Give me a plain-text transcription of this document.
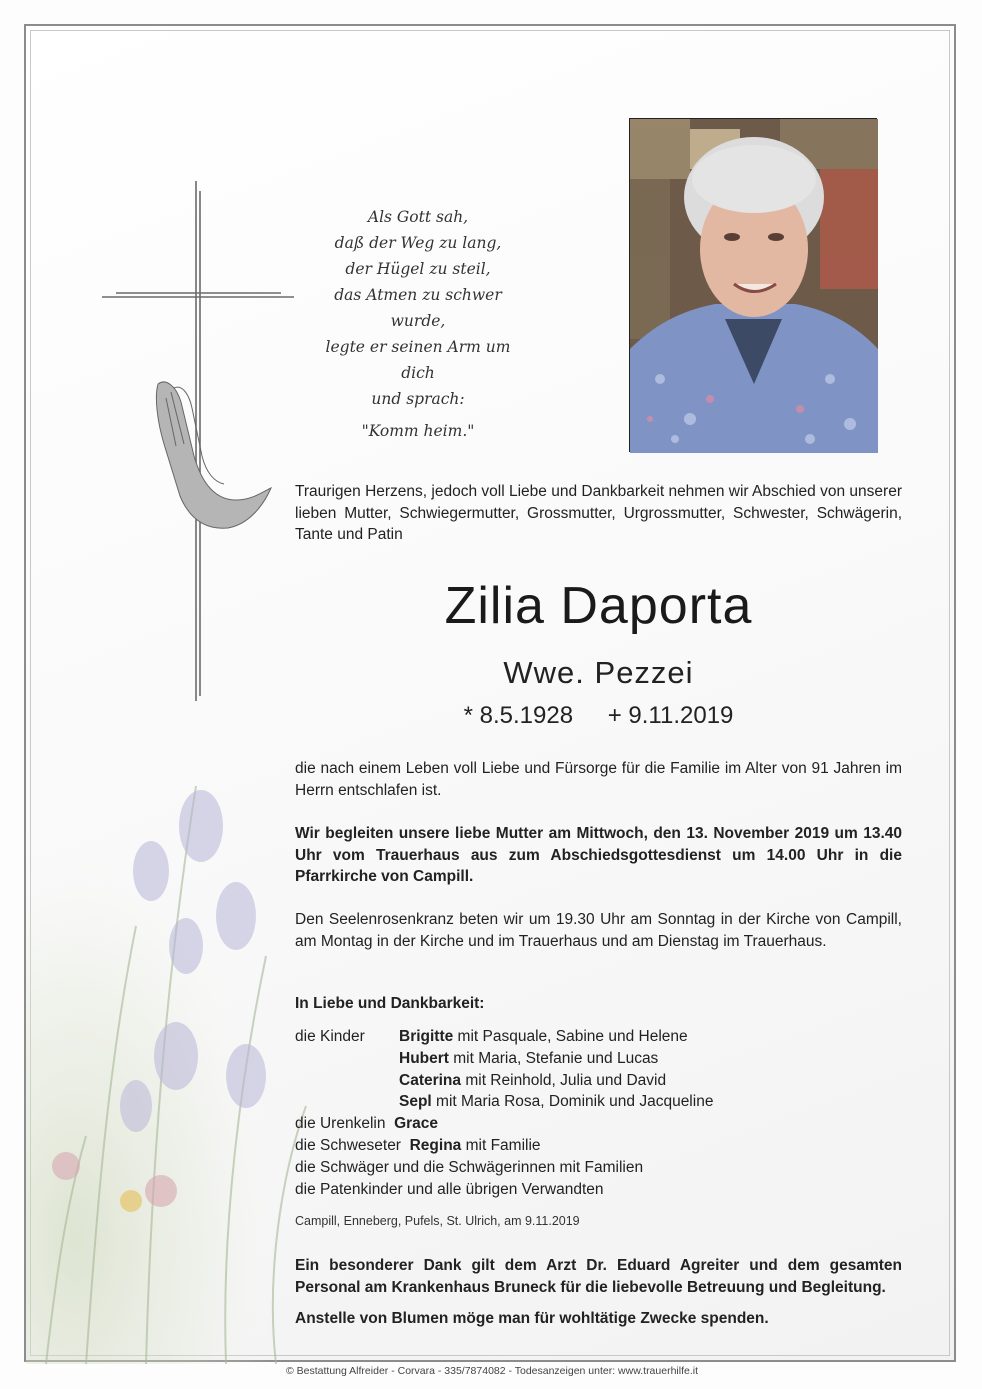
Als Gott sah,
daß der Weg zu lang,
der Hügel zu steil,
das Atmen zu schwer wurde,
legte er seinen Arm um dich
und sprach:
"Komm heim."
Traurigen Herzens, jedoch voll Liebe und Dankbarkeit nehmen wir Abschied von unserer lieben Mutter, Schwiegermutter, Grossmutter, Urgrossmutter, Schwester, Schwägerin, Tante und Patin
Zilia Daporta
Wwe. Pezzei
* 8.5.1928 + 9.11.2019
die nach einem Leben voll Liebe und Fürsorge für die Familie im Alter von 91 Jahren im Herrn entschlafen ist.
Wir begleiten unsere liebe Mutter am Mittwoch, den 13. November 2019 um 13.40 Uhr vom Trauerhaus aus zum Abschiedsgottesdienst um 14.00 Uhr in die Pfarrkirche von Campill.
Den Seelenrosenkranz beten wir um 19.30 Uhr am Sonntag in der Kirche von Campill, am Montag in der Kirche und im Trauerhaus und am Dienstag im Trauerhaus.
In Liebe und Dankbarkeit:
die Kinder Brigitte mit Pasquale, Sabine und Helene
Hubert mit Maria, Stefanie und Lucas
Caterina mit Reinhold, Julia und David
Sepl mit Maria Rosa, Dominik und Jacqueline
die Urenkelin Grace
die Schweseter Regina mit Familie
die Schwäger und die Schwägerinnen mit Familien
die Patenkinder und alle übrigen Verwandten
Campill, Enneberg, Pufels, St. Ulrich, am 9.11.2019
Ein besonderer Dank gilt dem Arzt Dr. Eduard Agreiter und dem gesamten Personal am Krankenhaus Bruneck für die liebevolle Betreuung und Begleitung.
Anstelle von Blumen möge man für wohltätige Zwecke spenden.
© Bestattung Alfreider - Corvara - 335/7874082 - Todesanzeigen unter: www.trauerhilfe.it
